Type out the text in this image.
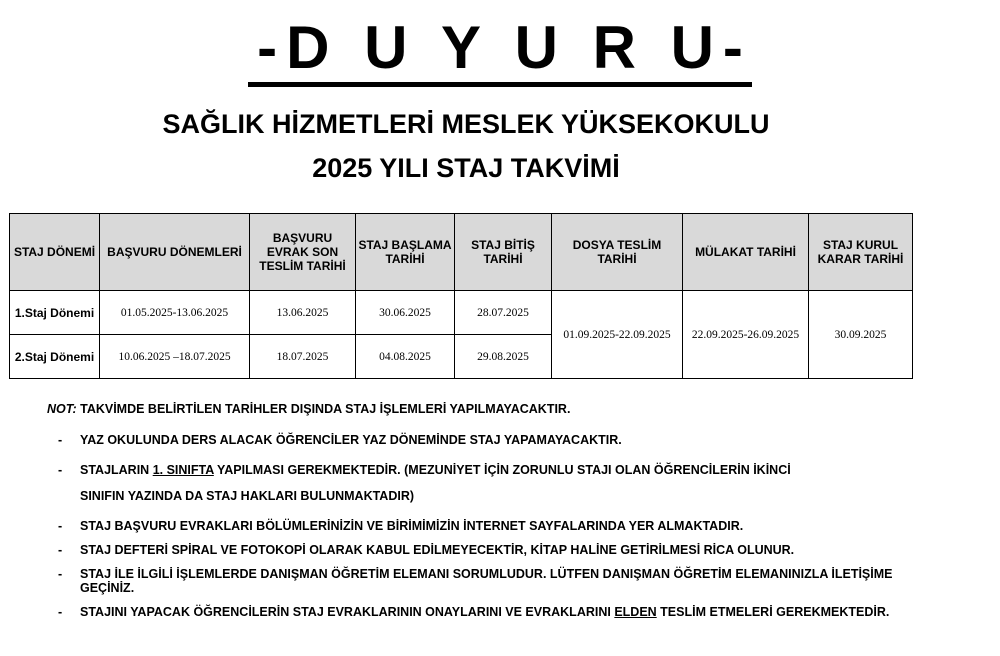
-D U Y U R U-
SAĞLIK HİZMETLERİ MESLEK YÜKSEKOKULU
2025 YILI STAJ TAKVİMİ
STAJ DÖNEMİ	BAŞVURU DÖNEMLERİ	BAŞVURU EVRAK SON TESLİM TARİHİ	STAJ BAŞLAMA TARİHİ	STAJ BİTİŞ TARİHİ	DOSYA TESLİM TARİHİ	MÜLAKAT TARİHİ	STAJ KURUL KARAR TARİHİ
1.Staj Dönemi	01.05.2025-13.06.2025	13.06.2025	30.06.2025	28.07.2025	01.09.2025-22.09.2025	22.09.2025-26.09.2025	30.09.2025
2.Staj Dönemi	10.06.2025 –18.07.2025	18.07.2025	04.08.2025	29.08.2025			
NOT: TAKVİMDE BELİRTİLEN TARİHLER DIŞINDA STAJ İŞLEMLERİ YAPILMAYACAKTIR.
- YAZ OKULUNDA DERS ALACAK ÖĞRENCİLER YAZ DÖNEMİNDE STAJ YAPAMAYACAKTIR.
- STAJLARIN 1. SINIFTA YAPILMASI GEREKMEKTEDİR. (MEZUNİYET İÇİN ZORUNLU STAJI OLAN ÖĞRENCİLERİN İKİNCİ
SINIFIN YAZINDA DA STAJ HAKLARI BULUNMAKTADIR)
- STAJ BAŞVURU EVRAKLARI BÖLÜMLERİNİZİN VE BİRİMİMİZİN İNTERNET SAYFALARINDA YER ALMAKTADIR.
- STAJ DEFTERİ SPİRAL VE FOTOKOPİ OLARAK KABUL EDİLMEYECEKTİR, KİTAP HALİNE GETİRİLMESİ RİCA OLUNUR.
- STAJ İLE İLGİLİ İŞLEMLERDE DANIŞMAN ÖĞRETİM ELEMANI SORUMLUDUR. LÜTFEN DANIŞMAN ÖĞRETİM ELEMANINIZLA İLETİŞİME GEÇİNİZ.
- STAJINI YAPACAK ÖĞRENCİLERİN STAJ EVRAKLARININ ONAYLARINI VE EVRAKLARINI ELDEN TESLİM ETMELERİ GEREKMEKTEDİR.
